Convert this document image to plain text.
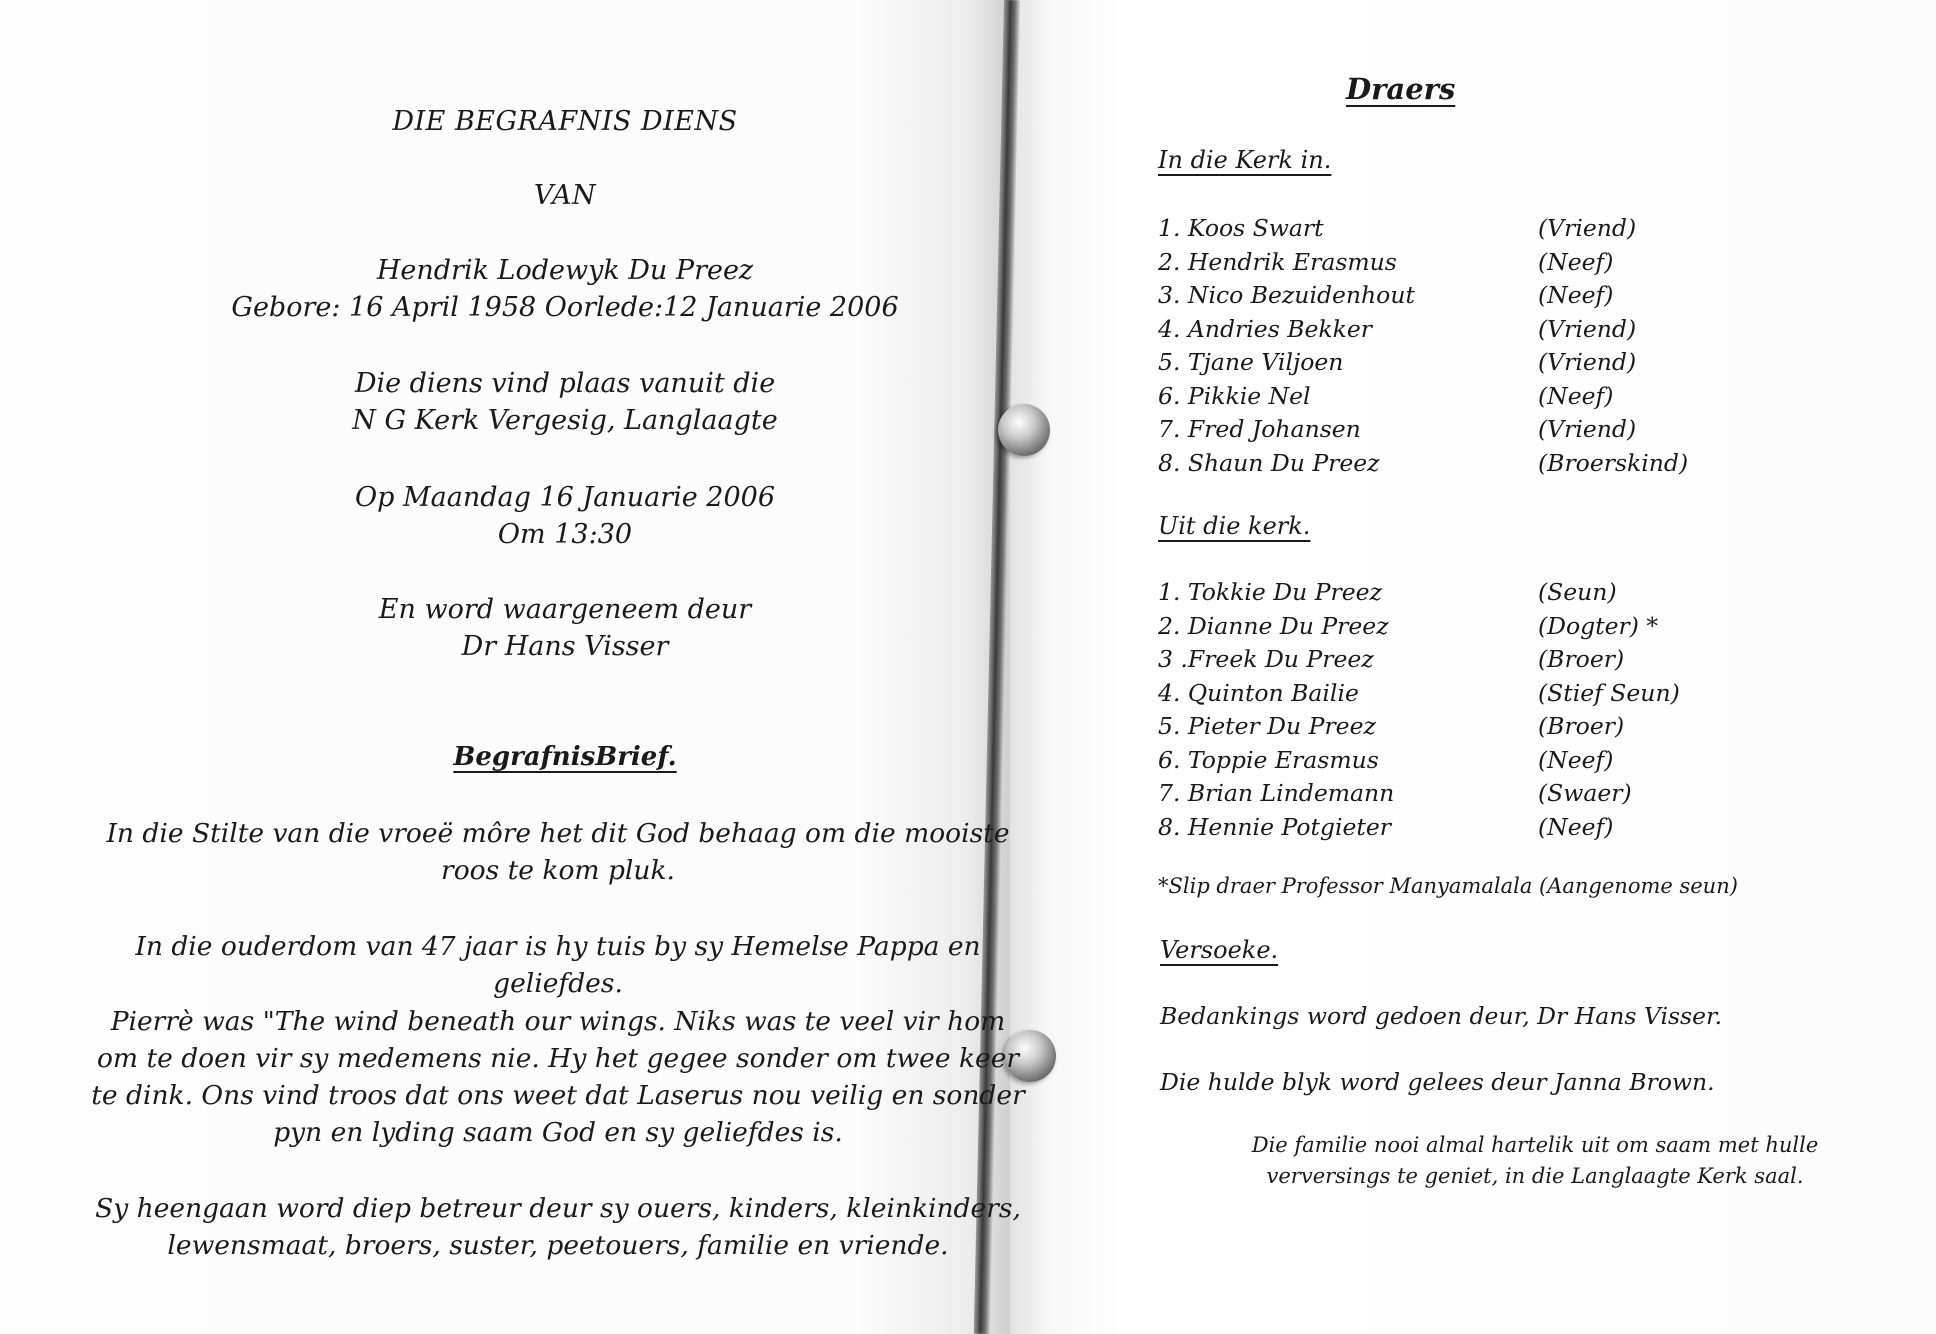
DIE BEGRAFNIS DIENS
VAN
Hendrik Lodewyk Du Preez
Gebore: 16 April 1958 Oorlede:12 Januarie 2006
Die diens vind plaas vanuit die
N G Kerk Vergesig, Langlaagte
Op Maandag 16 Januarie 2006
Om 13:30
En word waargeneem deur
Dr Hans Visser
BegrafnisBrief.
In die Stilte van die vroeë môre het dit God behaag om die mooiste roos te kom pluk.
In die ouderdom van 47 jaar is hy tuis by sy Hemelse Pappa en geliefdes.
Pierrè was "The wind beneath our wings. Niks was te veel vir hom om te doen vir sy medemens nie. Hy het gegee sonder om twee keer te dink. Ons vind troos dat ons weet dat Laserus nou veilig en sonder pyn en lyding saam God en sy geliefdes is.
Sy heengaan word diep betreur deur sy ouers, kinders, kleinkinders, lewensmaat, broers, suster, peetouers, familie en vriende.
Draers
In die Kerk in.
1. Koos Swart	(Vriend)
2. Hendrik Erasmus	(Neef)
3. Nico Bezuidenhout	(Neef)
4. Andries Bekker	(Vriend)
5. Tjane Viljoen	(Vriend)
6. Pikkie Nel	(Neef)
7. Fred Johansen	(Vriend)
8. Shaun Du Preez	(Broerskind)
Uit die kerk.
1. Tokkie Du Preez	(Seun)
2. Dianne Du Preez	(Dogter) *
3 .Freek Du Preez	(Broer)
4. Quinton Bailie	(Stief Seun)
5. Pieter Du Preez	(Broer)
6. Toppie Erasmus	(Neef)
7. Brian Lindemann	(Swaer)
8. Hennie Potgieter	(Neef)
*Slip draer Professor Manyamalala (Aangenome seun)
Versoeke.
Bedankings word gedoen deur, Dr Hans Visser.
Die hulde blyk word gelees deur Janna Brown.
Die familie nooi almal hartelik uit om saam met hulle verversings te geniet, in die Langlaagte Kerk saal.
